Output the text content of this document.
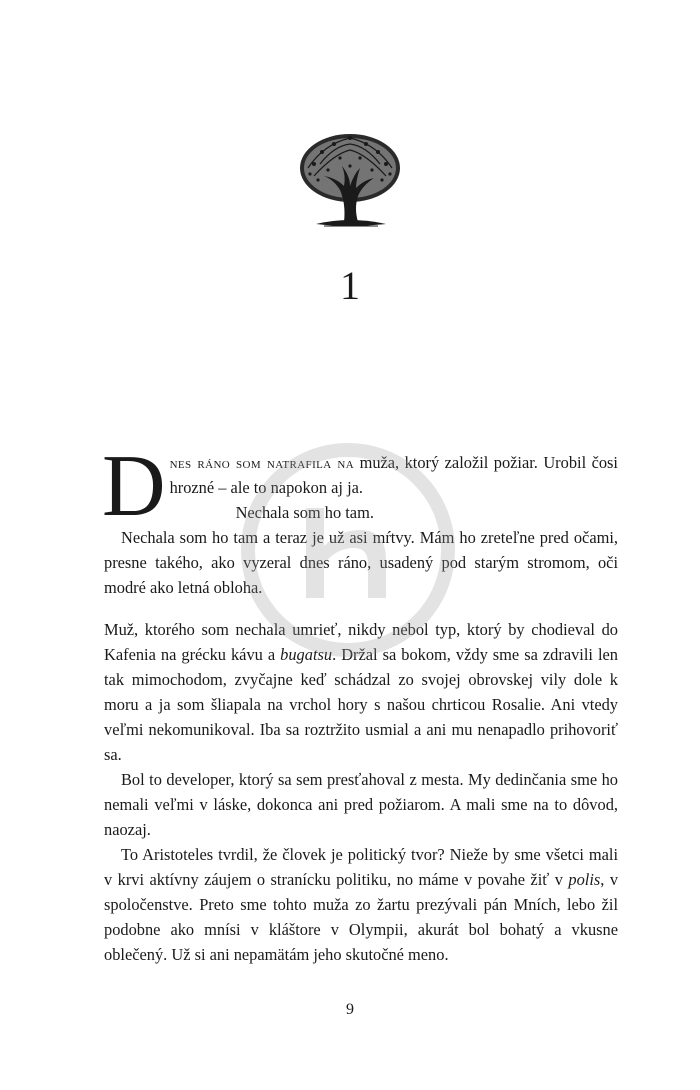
1

Dnes ráno som natrafila na muža, ktorý založil požiar. Urobil čosi hrozné – ale to napokon aj ja.

Nechala som ho tam.

Nechala som ho tam a teraz je už asi mŕtvy. Mám ho zreteľne pred očami, presne takého, ako vyzeral dnes ráno, usadený pod starým stromom, oči modré ako letná obloha.

Muž, ktorého som nechala umrieť, nikdy nebol typ, ktorý by chodieval do Kafenia na grécku kávu a bugatsu. Držal sa bokom, vždy sme sa zdravili len tak mimochodom, zvyčajne keď schádzal zo svojej obrovskej vily dole k moru a ja som šliapala na vrchol hory s našou chrticou Rosalie. Ani vtedy veľmi nekomunikoval. Iba sa roztržito usmial a ani mu nenapadlo prihovoriť sa.

Bol to developer, ktorý sa sem presťahoval z mesta. My dedinčania sme ho nemali veľmi v láske, dokonca ani pred požiarom. A mali sme na to dôvod, naozaj.

To Aristoteles tvrdil, že človek je politický tvor? Nieže by sme všetci mali v krvi aktívny záujem o stranícku politiku, no máme v povahe žiť v polis, v spoločenstve. Preto sme tohto muža zo žartu prezývali pán Mních, lebo žil podobne ako mnísi v kláštore v Olympii, akurát bol bohatý a vkusne oblečený. Už si ani nepamätám jeho skutočné meno.

9
